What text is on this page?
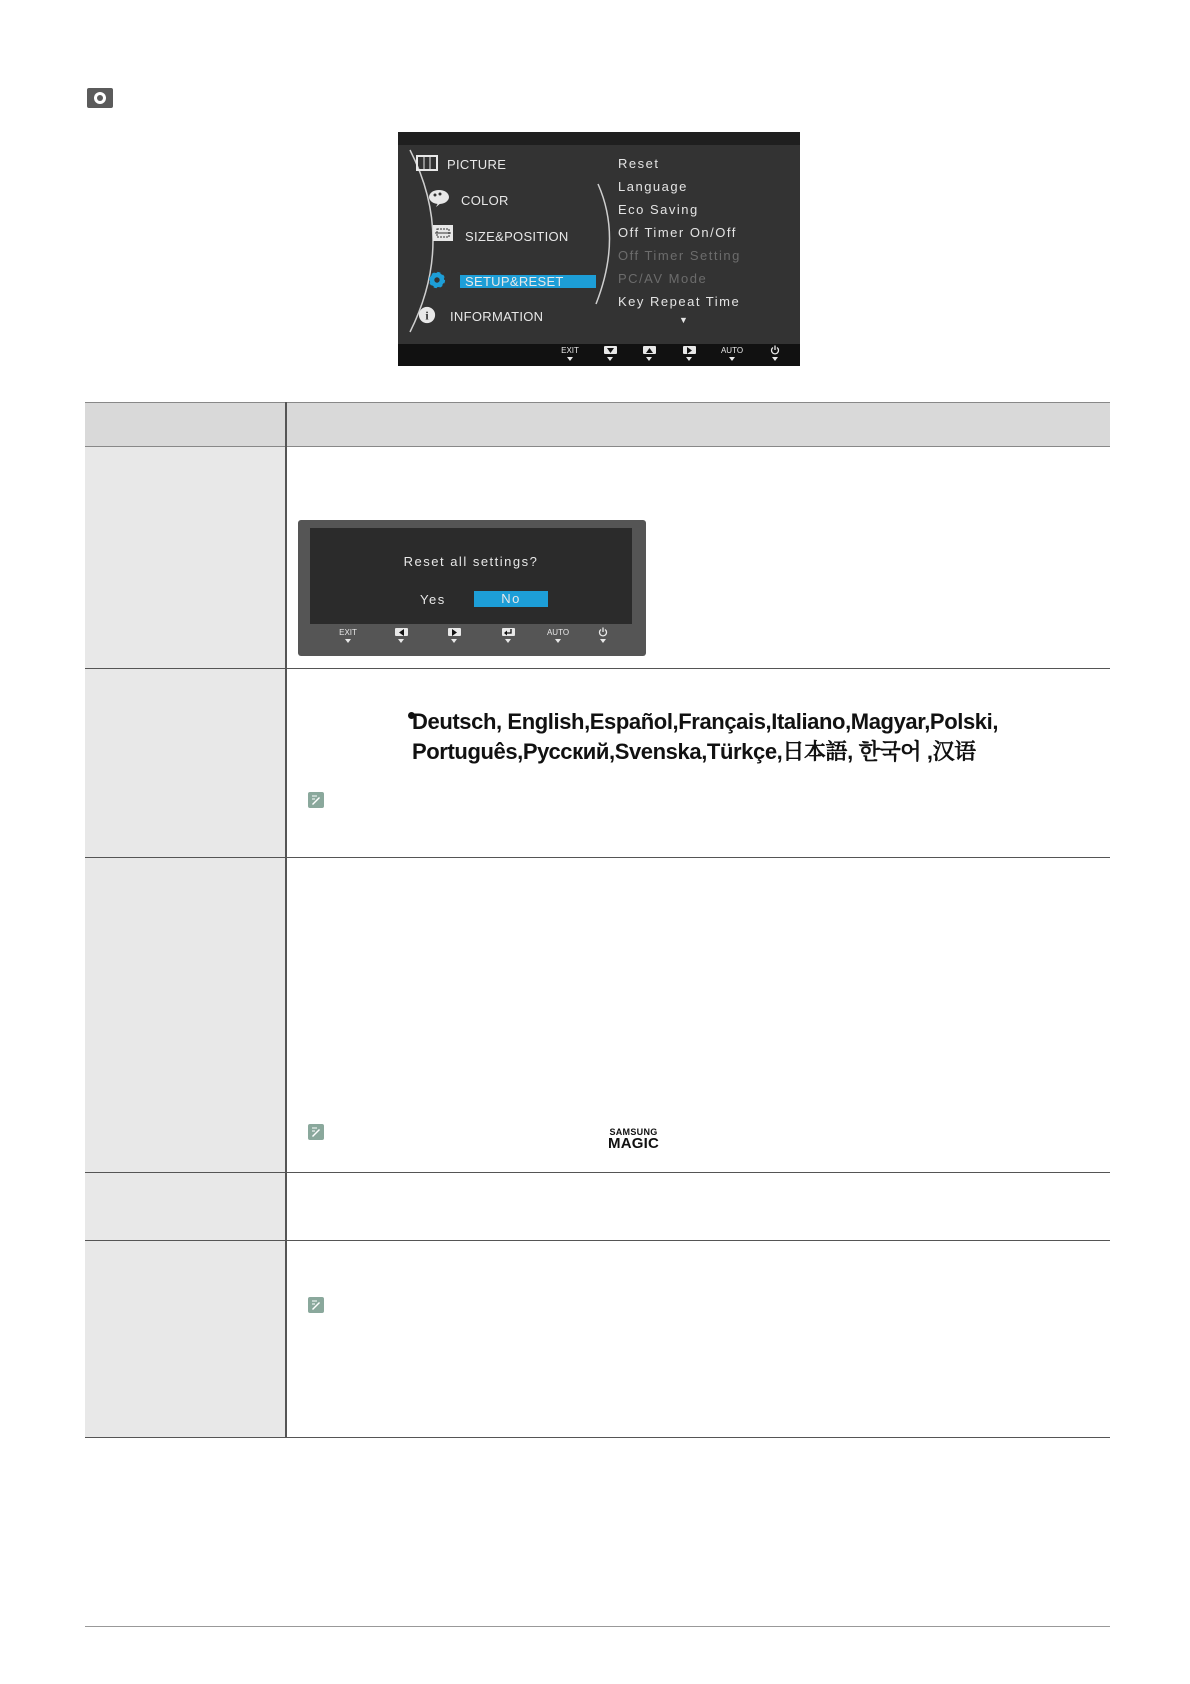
PICTURE
COLOR
SIZE&POSITION
SETUP&RESET
i INFORMATION
Reset
Language
Eco Saving
Off Timer On/Off
Off Timer Setting
PC/AV Mode
Key Repeat Time
▼
EXIT	AUTO
Reset all settings?
Yes	No
EXIT	AUTO
Deutsch, English,Español,Français,Italiano,Magyar,Polski,
Português,Русский,Svenska,Türkçe,日本語, 한국어 ,汉语
SAMSUNG
MAGIC
